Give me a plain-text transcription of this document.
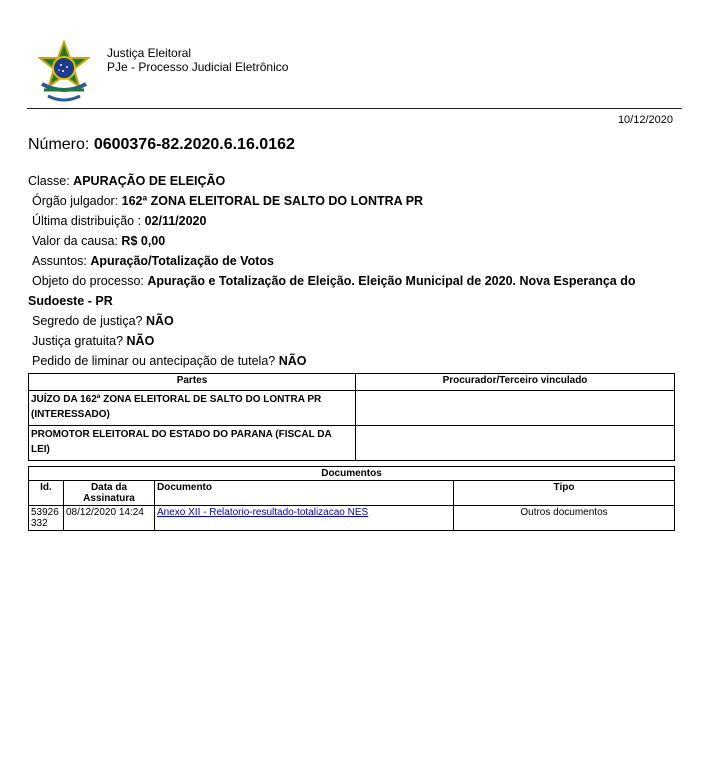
Justiça Eleitoral
PJe - Processo Judicial Eletrônico
10/12/2020
Número: 0600376-82.2020.6.16.0162
Classe: APURAÇÃO DE ELEIÇÃO
Órgão julgador: 162ª ZONA ELEITORAL DE SALTO DO LONTRA PR
Última distribuição : 02/11/2020
Valor da causa: R$ 0,00
Assuntos: Apuração/Totalização de Votos
Objeto do processo: Apuração e Totalização de Eleição. Eleição Municipal de 2020. Nova Esperança do Sudoeste - PR
Segredo de justiça? NÃO
Justiça gratuita? NÃO
Pedido de liminar ou antecipação de tutela? NÃO
Partes	Procurador/Terceiro vinculado
JUÍZO DA 162ª ZONA ELEITORAL DE SALTO DO LONTRA PR (INTERESSADO)	
PROMOTOR ELEITORAL DO ESTADO DO PARANA (FISCAL DA LEI)	
Documentos			
Id.	Data da Assinatura	Documento	Tipo
53926 332	08/12/2020 14:24	Anexo XII - Relatorio-resultado-totalizacao NES	Outros documentos
